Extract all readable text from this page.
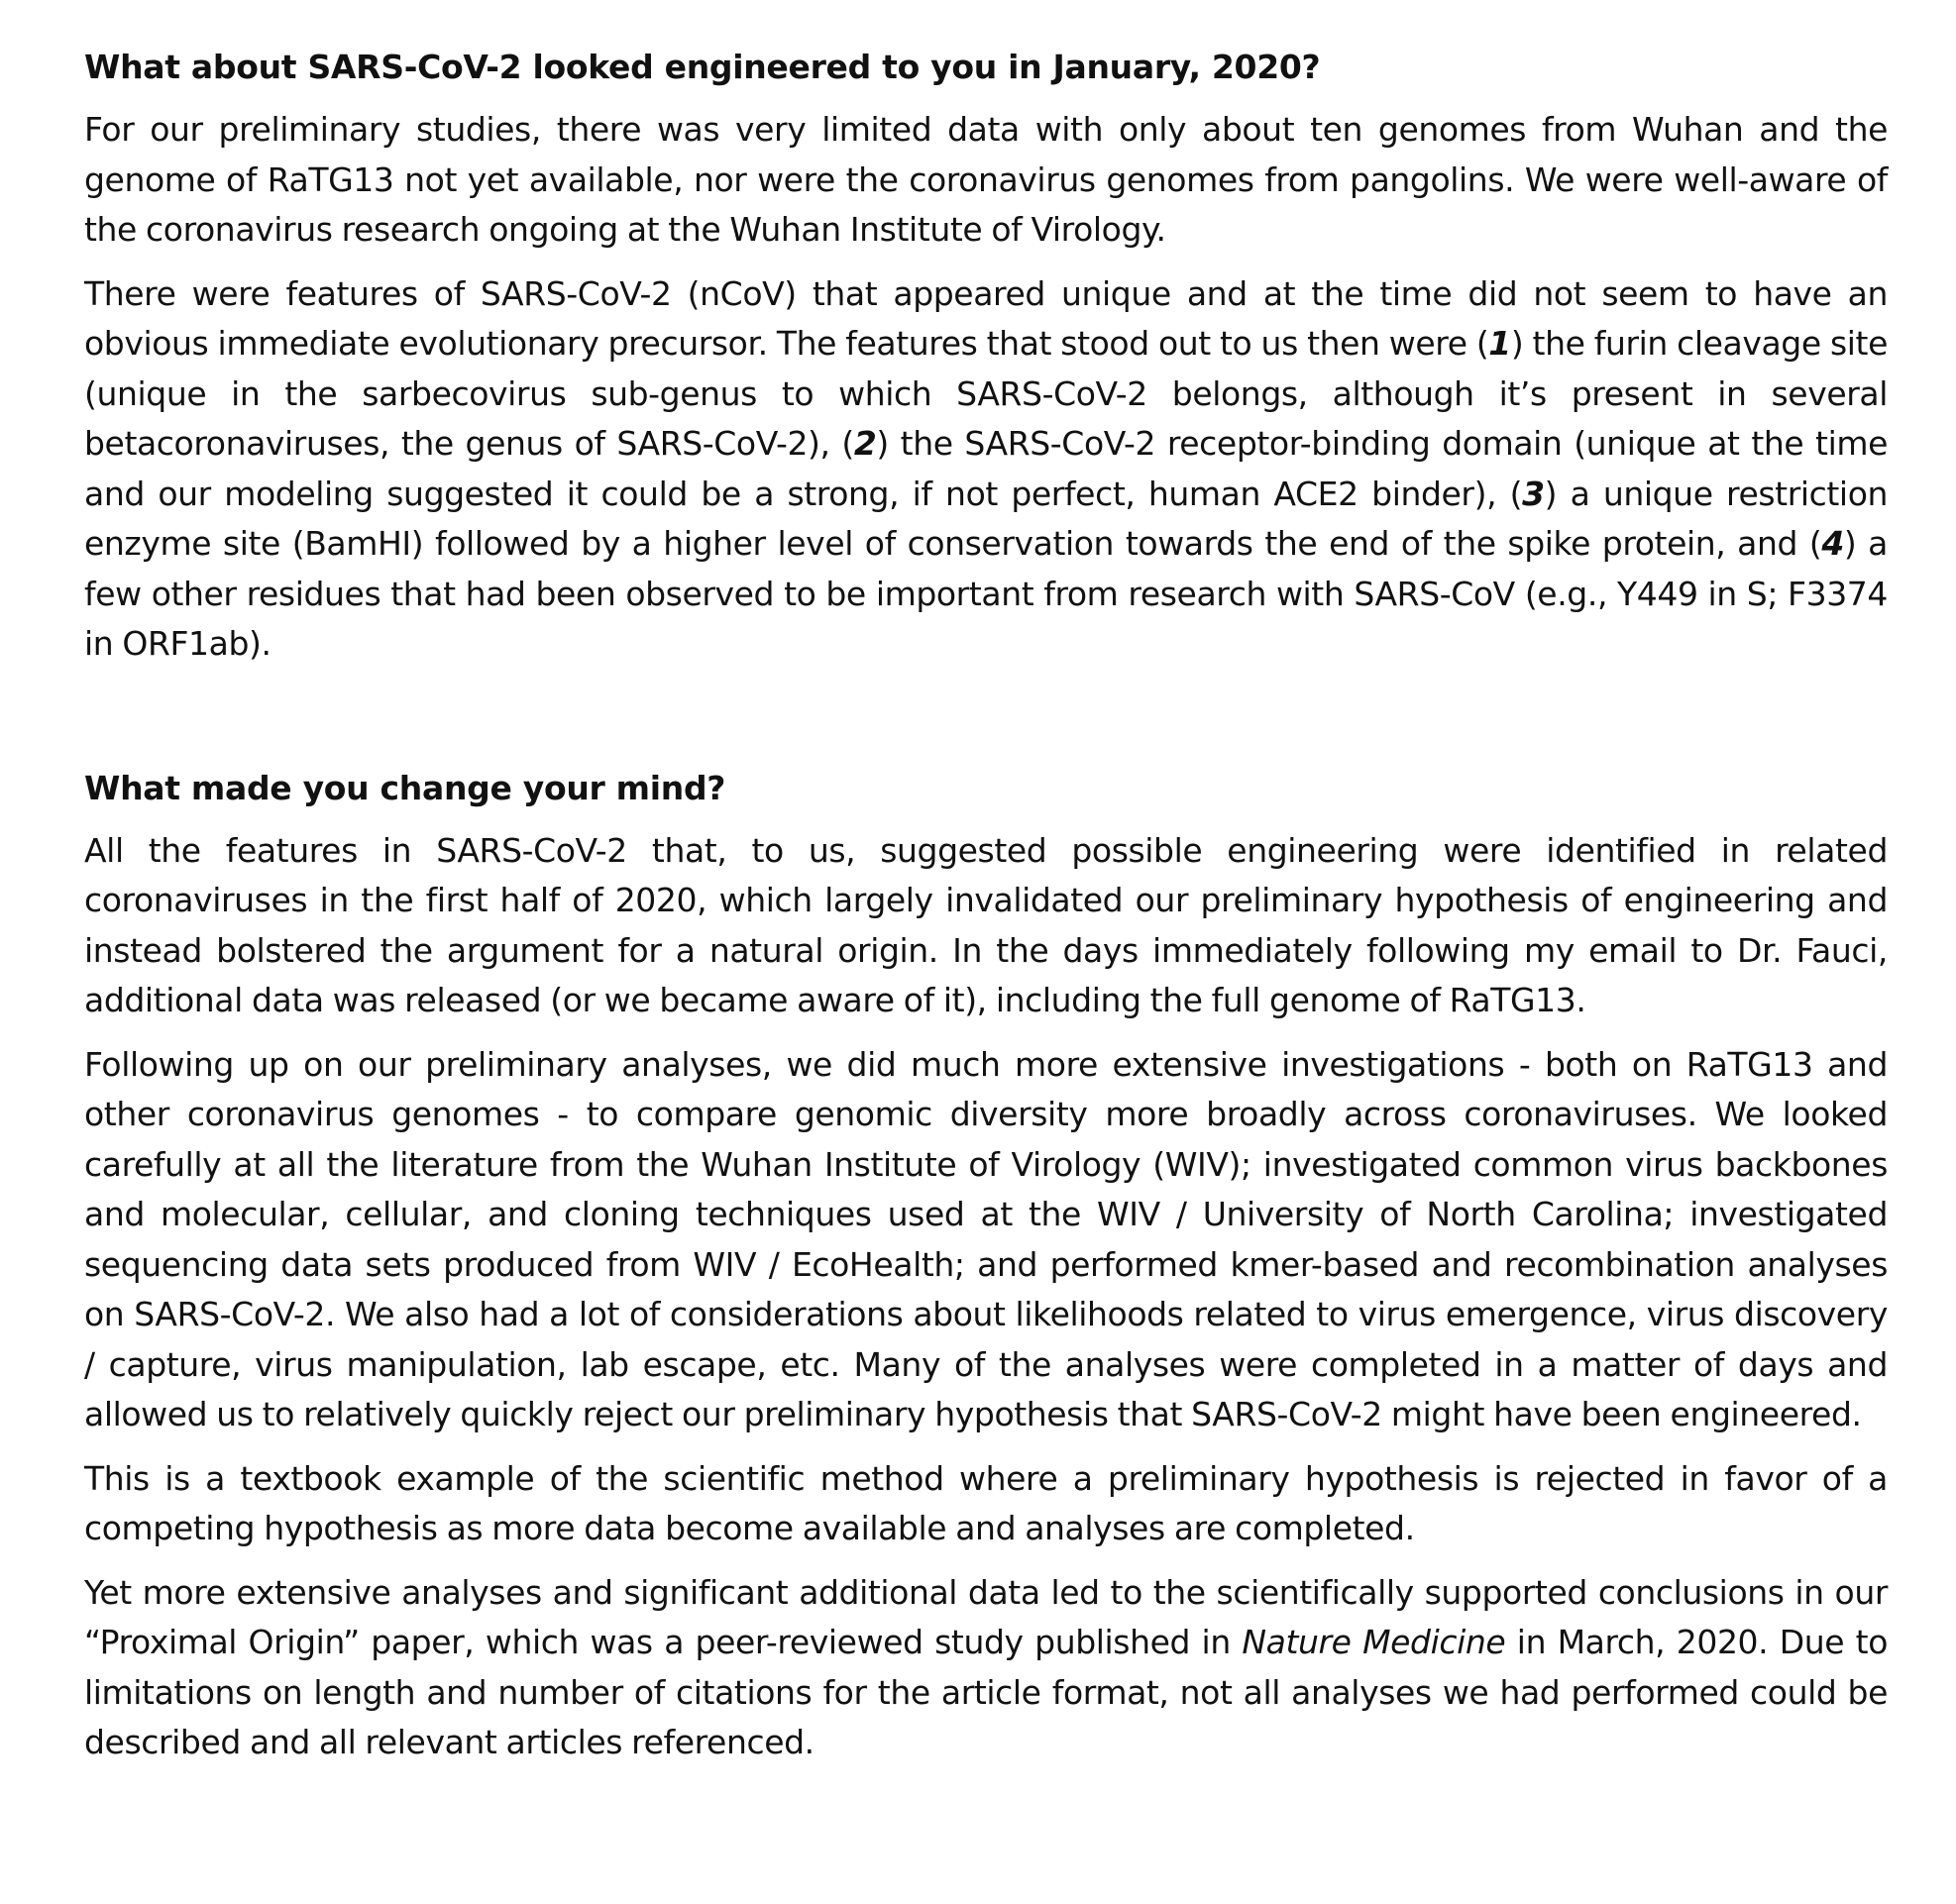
What about SARS-CoV-2 looked engineered to you in January, 2020?

For our preliminary studies, there was very limited data with only about ten genomes from Wuhan and the genome of RaTG13 not yet available, nor were the coronavirus genomes from pangolins. We were well-aware of the coronavirus research ongoing at the Wuhan Institute of Virology.

There were features of SARS-CoV-2 (nCoV) that appeared unique and at the time did not seem to have an obvious immediate evolutionary precursor. The features that stood out to us then were (1) the furin cleavage site (unique in the sarbecovirus sub-genus to which SARS-CoV-2 belongs, although it’s present in several betacoronaviruses, the genus of SARS-CoV-2), (2) the SARS-CoV-2 receptor-binding domain (unique at the time and our modeling suggested it could be a strong, if not perfect, human ACE2 binder), (3) a unique restriction enzyme site (BamHI) followed by a higher level of conservation towards the end of the spike protein, and (4) a few other residues that had been observed to be important from research with SARS-CoV (e.g., Y449 in S; F3374 in ORF1ab).

What made you change your mind?

All the features in SARS-CoV-2 that, to us, suggested possible engineering were identified in related coronaviruses in the first half of 2020, which largely invalidated our preliminary hypothesis of engineering and instead bolstered the argument for a natural origin. In the days immediately following my email to Dr. Fauci, additional data was released (or we became aware of it), including the full genome of RaTG13.

Following up on our preliminary analyses, we did much more extensive investigations - both on RaTG13 and other coronavirus genomes - to compare genomic diversity more broadly across coronaviruses. We looked carefully at all the literature from the Wuhan Institute of Virology (WIV); investigated common virus backbones and molecular, cellular, and cloning techniques used at the WIV / University of North Carolina; investigated sequencing data sets produced from WIV / EcoHealth; and performed kmer-based and recombination analyses on SARS-CoV-2. We also had a lot of considerations about likelihoods related to virus emergence, virus discovery / capture, virus manipulation, lab escape, etc. Many of the analyses were completed in a matter of days and allowed us to relatively quickly reject our preliminary hypothesis that SARS-CoV-2 might have been engineered.

This is a textbook example of the scientific method where a preliminary hypothesis is rejected in favor of a competing hypothesis as more data become available and analyses are completed.

Yet more extensive analyses and significant additional data led to the scientifically supported conclusions in our “Proximal Origin” paper, which was a peer-reviewed study published in Nature Medicine in March, 2020. Due to limitations on length and number of citations for the article format, not all analyses we had performed could be described and all relevant articles referenced.
